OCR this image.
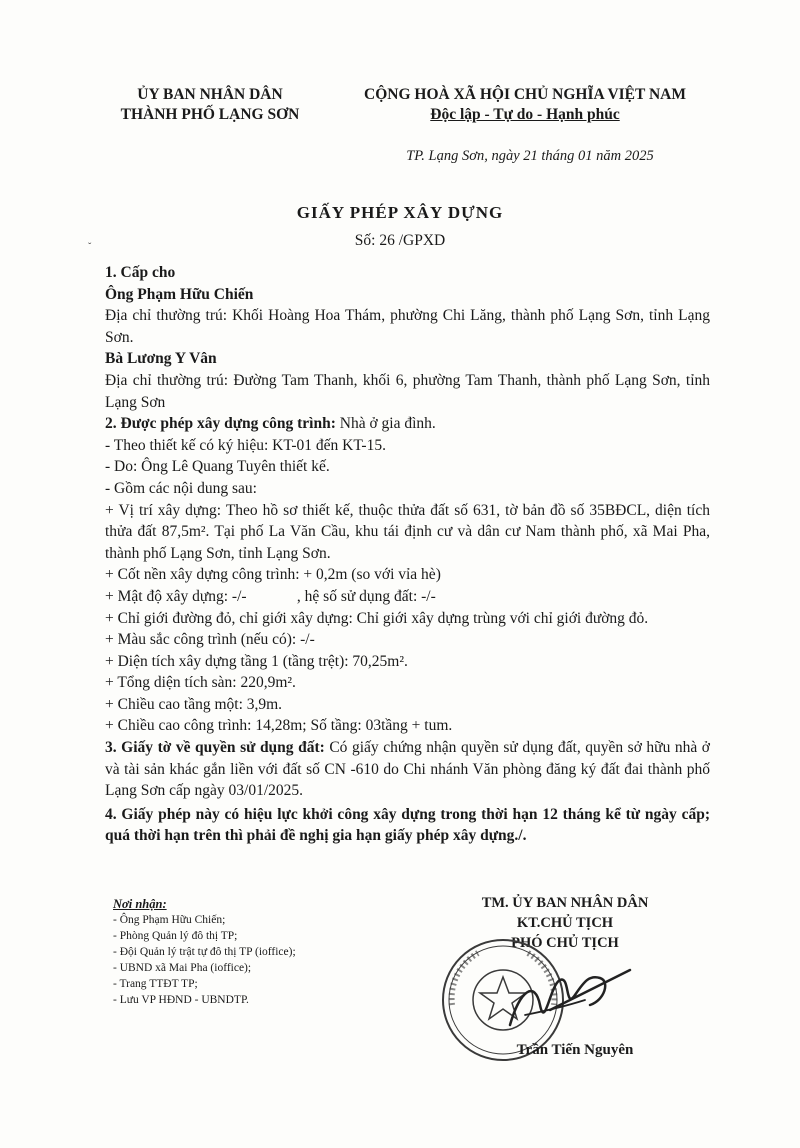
ˇ
ỦY BAN NHÂN DÂN
THÀNH PHỐ LẠNG SƠN
CỘNG HOÀ XÃ HỘI CHỦ NGHĨA VIỆT NAM
Độc lập - Tự do - Hạnh phúc
TP. Lạng Sơn, ngày 21 tháng 01 năm 2025
GIẤY PHÉP XÂY DỰNG
Số: 26 /GPXD

1. Cấp cho

Ông Phạm Hữu Chiến

Địa chỉ thường trú: Khối Hoàng Hoa Thám, phường Chi Lăng, thành phố Lạng Sơn, tỉnh Lạng Sơn.

Bà Lương Y Vân

Địa chỉ thường trú: Đường Tam Thanh, khối 6, phường Tam Thanh, thành phố Lạng Sơn, tỉnh Lạng Sơn

2. Được phép xây dựng công trình: Nhà ở gia đình.

- Theo thiết kế có ký hiệu: KT-01 đến KT-15.

- Do: Ông Lê Quang Tuyên thiết kế.

- Gồm các nội dung sau:

+ Vị trí xây dựng: Theo hồ sơ thiết kế, thuộc thửa đất số 631, tờ bản đồ số 35BĐCL, diện tích thửa đất 87,5m². Tại phố La Văn Cầu, khu tái định cư và dân cư Nam thành phố, xã Mai Pha, thành phố Lạng Sơn, tỉnh Lạng Sơn.

+ Cốt nền xây dựng công trình: + 0,2m (so với vỉa hè)

+ Mật độ xây dựng: -/-             , hệ số sử dụng đất: -/-

+ Chỉ giới đường đỏ, chỉ giới xây dựng: Chỉ giới xây dựng trùng với chỉ giới đường đỏ.

+ Màu sắc công trình (nếu có): -/-

+ Diện tích xây dựng tầng 1 (tầng trệt): 70,25m².

+ Tổng diện tích sàn: 220,9m².

+ Chiều cao tầng một: 3,9m.

+ Chiều cao công trình: 14,28m; Số tầng: 03tầng + tum.

3. Giấy tờ về quyền sử dụng đất: Có giấy chứng nhận quyền sử dụng đất, quyền sở hữu nhà ở và tài sản khác gắn liền với đất số CN -610 do Chi nhánh Văn phòng đăng ký đất đai thành phố Lạng Sơn cấp ngày 03/01/2025.

4. Giấy phép này có hiệu lực khởi công xây dựng trong thời hạn 12 tháng kể từ ngày cấp; quá thời hạn trên thì phải đề nghị gia hạn giấy phép xây dựng./.

Nơi nhận:
- Ông Phạm Hữu Chiến;
- Phòng Quản lý đô thị TP;
- Đội Quản lý trật tự đô thị TP (ioffice);
- UBND xã Mai Pha (ioffice);
- Trang TTĐT TP;
- Lưu VP HĐND - UBNDTP.
TM. ỦY BAN NHÂN DÂN
KT.CHỦ TỊCH
PHÓ CHỦ TỊCH
Trần Tiến Nguyên
